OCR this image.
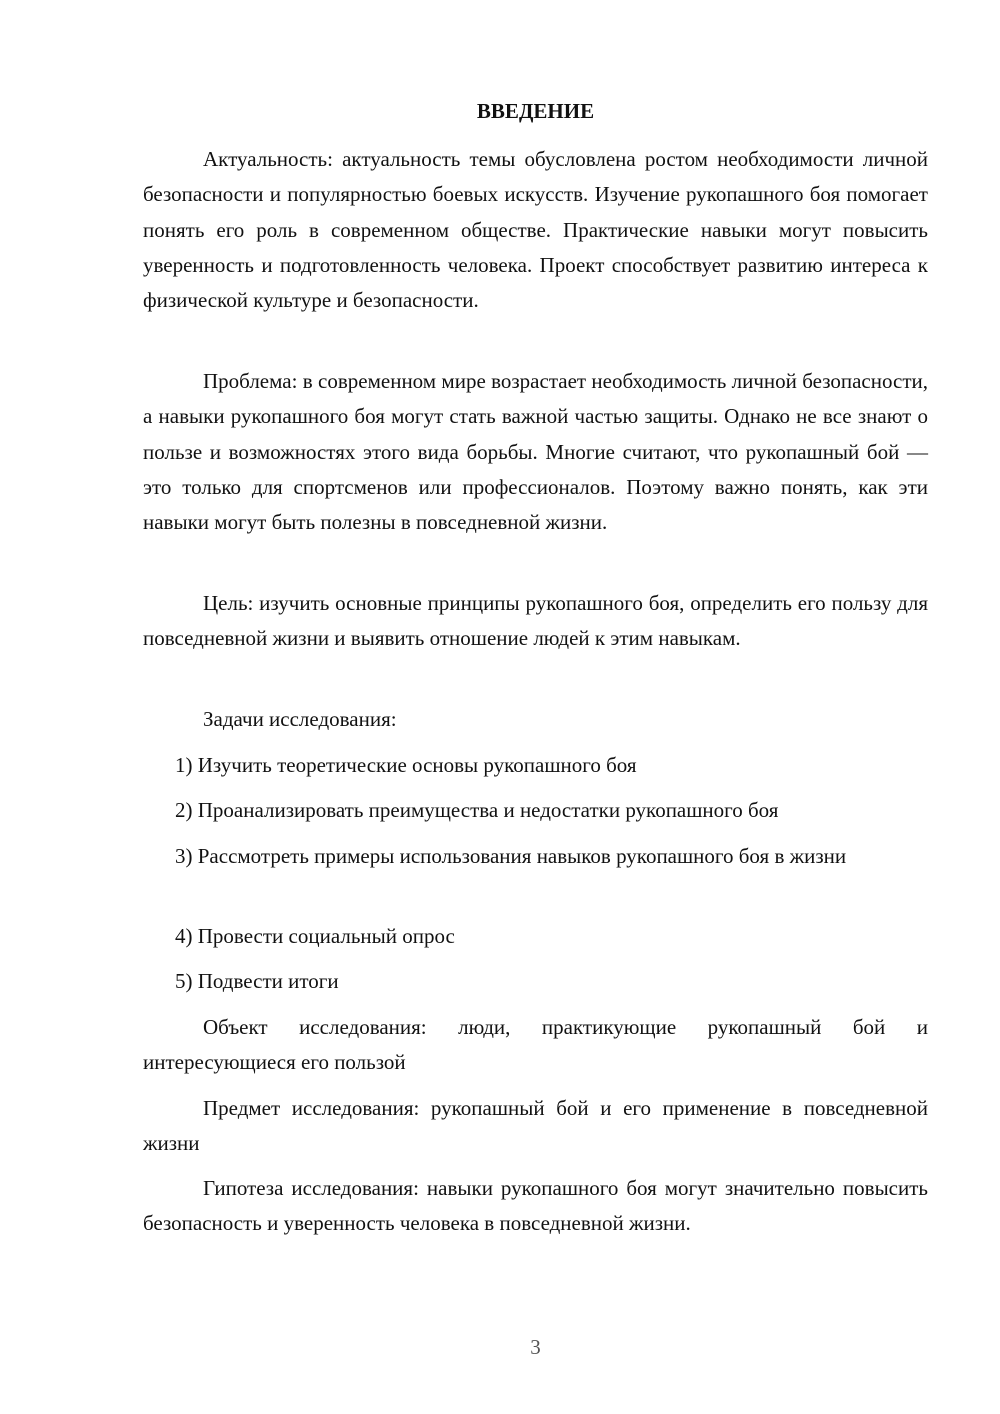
ВВЕДЕНИЕ

Актуальность: актуальность темы обусловлена ростом необходимости личной безопасности и популярностью боевых искусств. Изучение рукопашного боя помогает понять его роль в современном обществе. Практические навыки могут повысить уверенность и подготовленность человека. Проект способствует развитию интереса к физической культуре и безопасности.

Проблема: в современном мире возрастает необходимость личной безопасности, а навыки рукопашного боя могут стать важной частью защиты. Однако не все знают о пользе и возможностях этого вида борьбы. Многие считают, что рукопашный бой — это только для спортсменов или профессионалов. Поэтому важно понять, как эти навыки могут быть полезны в повседневной жизни.

Цель: изучить основные принципы рукопашного боя, определить его пользу для повседневной жизни и выявить отношение людей к этим навыкам.

Задачи исследования:

1) Изучить теоретические основы рукопашного боя

2) Проанализировать преимущества и недостатки рукопашного боя

3) Рассмотреть примеры использования навыков рукопашного боя в жизни

4) Провести социальный опрос

5) Подвести итоги

Объект исследования: люди, практикующие рукопашный бой и интересующиеся его пользой

Предмет исследования: рукопашный бой и его применение в повседневной жизни

Гипотеза исследования: навыки рукопашного боя могут значительно повысить безопасность и уверенность человека в повседневной жизни.

3
